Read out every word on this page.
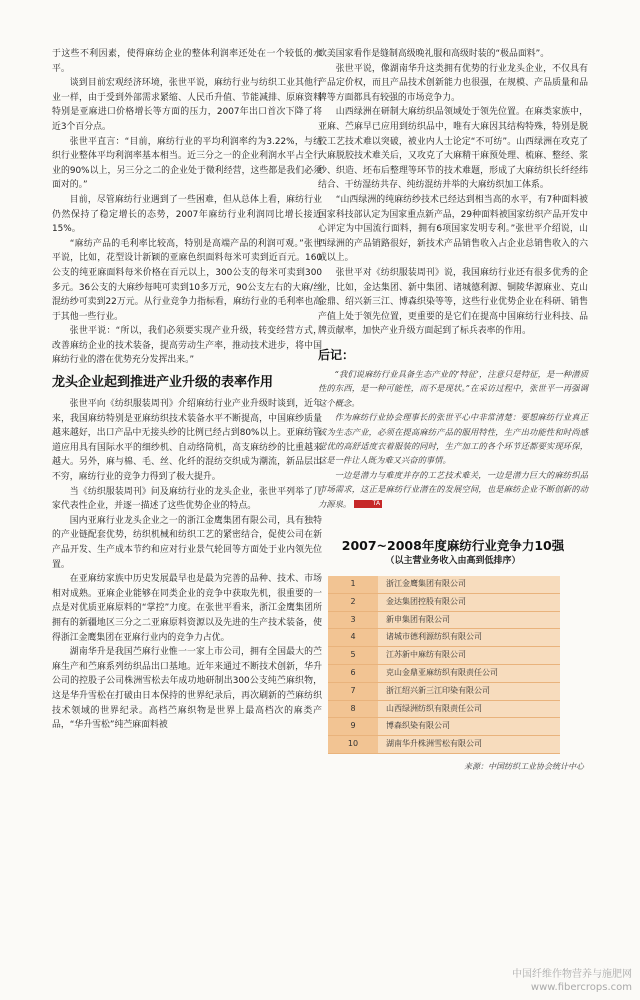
于这些不利因素，使得麻纺企业的整体利润率还处在一个较低的水平。

谈到目前宏观经济环境，张世平说，麻纺行业与纺织工业其他行业一样，由于受到外部需求紧缩、人民币升值、节能减排、原麻资料特别是亚麻进口价格增长等方面的压力，2007年出口首次下降了将近3个百分点。

张世平直言：“目前，麻纺行业的平均利润率约为3.22%，与纺织行业整体平均利润率基本相当。近三分之一的企业利润水平占全行业的90%以上，另三分之二的企业处于微利经营，这些都是我们必须面对的。”

目前，尽管麻纺行业遇到了一些困难，但从总体上看，麻纺行业仍然保持了稳定增长的态势，2007年麻纺行业利润同比增长接近15%。

“麻纺产品的毛利率比较高，特别是高端产品的利润可观。”张世平说，比如，花型设计新颖的亚麻色织面料每米可卖到近百元。160公支的纯亚麻面料每米价格在百元以上，300公支的每米可卖到300多元。36公支的大麻纱每吨可卖到10多万元，90公支左右的大麻/丝混纺纱可卖到22万元。从行业竞争力指标看，麻纺行业的毛利率也高于其他一些行业。

张世平说：“所以，我们必须要实现产业升级，转变经营方式，改善麻纺企业的技术装备，提高劳动生产率，推动技术进步，将中国麻纺行业的潜在优势充分发挥出来。”

龙头企业起到推进产业升级的表率作用

张世平向《纺织服装周刊》介绍麻纺行业产业升级时谈到，近年来，我国麻纺特别是亚麻纺织技术装备水平不断提高，中国麻纱质量越来越好，出口产品中无接头纱的比例已经占到80%以上。亚麻纺管道应用具有国际水平的细纱机、自动络筒机，高支麻纺纱的比重越来越大。另外，麻与棉、毛、丝、化纤的混纺交织成为潮流，新品层出不穷，麻纺行业的竞争力得到了极大提升。

当《纺织服装周刊》问及麻纺行业的龙头企业，张世平列举了几家代表性企业，并逐一描述了这些优势企业的特点。

国内亚麻行业龙头企业之一的浙江金鹰集团有限公司，具有独特的产业链配套优势，纺织机械和纺织工艺的紧密结合，促使公司在新产品开发、生产成本节约和应对行业景气轮回等方面处于业内领先位置。

在亚麻纺家族中历史发展最早也是最为完善的品种、技术、市场相对成熟。亚麻企业能够在同类企业的竞争中获取先机，很重要的一点是对优质亚麻原料的“掌控”力度。在张世平看来，浙江金鹰集团所拥有的新疆地区三分之二亚麻原料资源以及先进的生产技术装备，使得浙江金鹰集团在亚麻行业内的竞争力占优。

湖南华升是我国苎麻行业惟一一家上市公司，拥有全国最大的苎麻生产和苎麻系列纺织品出口基地。近年来通过不断技术创新，华升公司的控股子公司株洲雪松去年成功地研制出300公支纯苎麻织物，这是华升雪松在打破由日本保持的世界纪录后，再次刷新的苎麻纺织技术领域的世界纪录。高档苎麻织物是世界上最高档次的麻类产品，“华升雪松”纯苎麻面料被

欧美国家看作是缝制高级晚礼服和高级时装的“极品面料”。

张世平说，像湖南华升这类拥有优势的行业龙头企业，不仅具有产品定价权，而且产品技术创新能力也很强，在规模、产品质量和品牌等方面都具有较强的市场竞争力。

山西绿洲在研制大麻纺织品领域处于领先位置。在麻类家族中，亚麻、苎麻早已应用到纺织品中，唯有大麻因其结构特殊，特别是脱胶工艺技术难以突破，被业内人士论定“不可纺”。山西绿洲在攻克了大麻脱胶技术难关后，又攻克了大麻精干麻预处理、梳麻、整经、浆纱、织造、坯布后整理等环节的技术难题，形成了大麻纺织长纤经纬结合、干纺湿纺共存、纯纺混纺并举的大麻纺织加工体系。

“山西绿洲的纯麻纺纱技术已经达到相当高的水平，有7种面料被国家科技部认定为国家重点新产品，29种面料被国家纺织产品开发中心评定为中国流行面料，拥有6项国家发明专利。”张世平介绍说，山西绿洲的产品销路很好，新技术产品销售收入占企业总销售收入的六成以上。

张世平对《纺织服装周刊》说，我国麻纺行业还有很多优秀的企业，比如，金达集团、新中集团、诸城德利源、铜陵华源麻业、克山金鼎、绍兴新三江、博森织染等等，这些行业优势企业在科研、销售产值上处于领先位置，更重要的是它们在提高中国麻纺行业科技、品牌贡献率，加快产业升级方面起到了标兵表率的作用。

后记：

“我们说麻纺行业具备生态产业的‘特征’，注意只是特征，是一种潜质性的东西，是一种可能性，而不是现状。”在采访过程中，张世平一再强调这个概念。

作为麻纺行业协会理事长的张世平心中非常清楚：要想麻纺行业真正成为生态产业，必须在提高麻纺产品的服用特性，生产出功能性和时尚感觉优的高舒适度衣着服装的同时，生产加工的各个环节还都要实现环保，这是一件让人既为难又兴奋的事情。

一边是潜力与难度并存的工艺技术难关，一边是潜力巨大的麻纺织品市场需求，这正是麻纺行业潜在的发展空间，也是麻纺企业不断创新的动力源泉。	TA

2007~2008年度麻纺行业竞争力10强
（以主营业务收入由高到低排序）
1	浙江金鹰集团有限公司
2	金达集团控股有限公司
3	新申集团有限公司
4	诸城市德利源纺织有限公司
5	江苏新中麻纺有限公司
6	克山金鼎亚麻纺织有限责任公司
7	浙江绍兴新三江印染有限公司
8	山西绿洲纺织有限责任公司
9	博森织染有限公司
10	湖南华升株洲雪松有限公司
来源：中国纺织工业协会统计中心
中国纤维作物营养与施肥网
www.fibercrops.com
